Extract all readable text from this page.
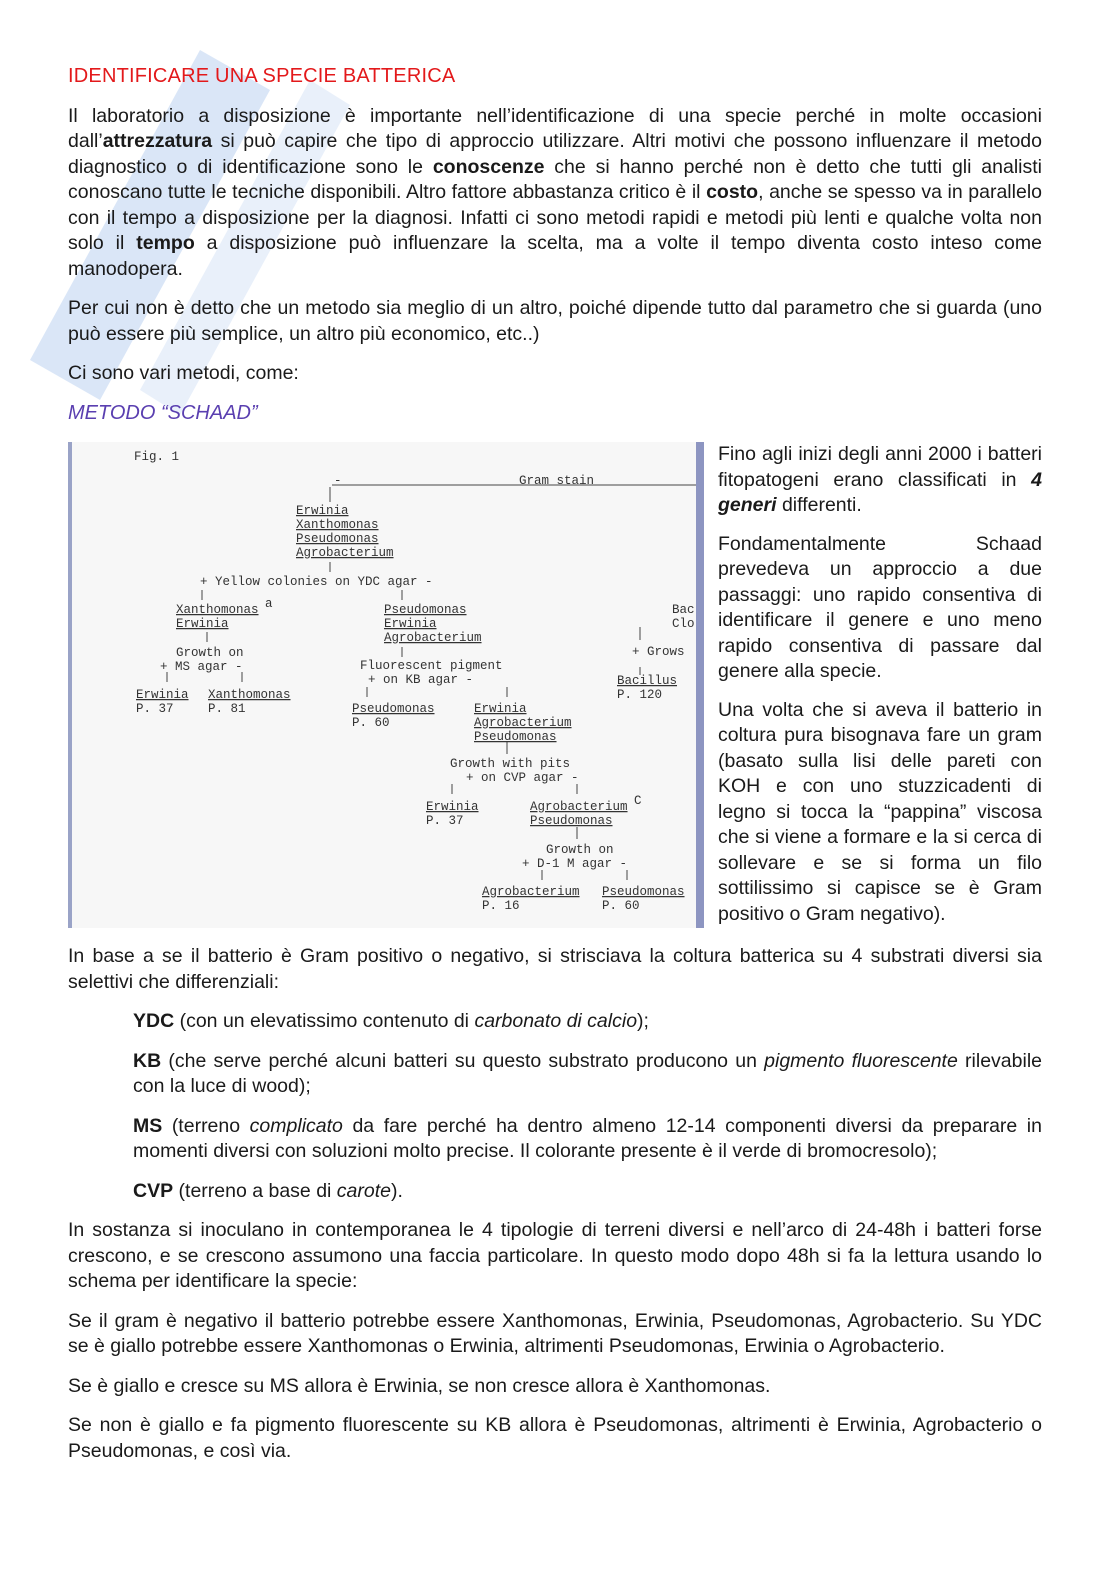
IDENTIFICARE UNA SPECIE BATTERICA

Il laboratorio a disposizione è importante nell’identificazione di una specie perché in molte occasioni dall’attrezzatura si può capire che tipo di approccio utilizzare. Altri motivi che possono influenzare il metodo diagnostico o di identificazione sono le conoscenze che si hanno perché non è detto che tutti gli analisti conoscano tutte le tecniche disponibili. Altro fattore abbastanza critico è il costo, anche se spesso va in parallelo con il tempo a disposizione per la diagnosi. Infatti ci sono metodi rapidi e metodi più lenti e qualche volta non solo il tempo a disposizione può influenzare la scelta, ma a volte il tempo diventa costo inteso come manodopera.

Per cui non è detto che un metodo sia meglio di un altro, poiché dipende tutto dal parametro che si guarda (uno può essere più semplice, un altro più economico, etc..)

Ci sono vari metodi, come:

METODO “SCHAAD”
Fig. 1
-	Gram stain
Erwinia
Xanthomonas
Pseudomonas
Agrobacterium
+ Yellow colonies on YDC agar -
Xanthomonas a
Erwinia
Growth on
+ MS agar -
Erwinia
P. 37
Xanthomonas
P. 81
Pseudomonas
Erwinia
Agrobacterium
Fluorescent pigment
+ on KB agar -
Pseudomonas
P. 60
Erwinia
Agrobacterium
Pseudomonas
Growth with pits
+ on CVP agar -
Erwinia
P. 37
Agrobacterium C
Pseudomonas
Growth on
+ D-1 M agar -
Agrobacterium
P. 16
Pseudomonas
P. 60
Bac
Clo
+ Grows
Bacillus
P. 120

Fino agli inizi degli anni 2000 i batteri fitopatogeni erano classificati in 4 generi differenti.

Fondamentalmente Schaad prevedeva un approccio a due passaggi: uno rapido consentiva di identificare il genere e uno meno rapido consentiva di passare dal genere alla specie.

Una volta che si aveva il batterio in coltura pura bisognava fare un gram (basato sulla lisi delle pareti con KOH e con uno stuzzicadenti di legno si tocca la “pappina” viscosa che si viene a formare e la si cerca di sollevare e se si forma un filo sottilissimo si capisce se è Gram positivo o Gram negativo).

In base a se il batterio è Gram positivo o negativo, si strisciava la coltura batterica su 4 substrati diversi sia selettivi che differenziali:

YDC (con un elevatissimo contenuto di carbonato di calcio);

KB (che serve perché alcuni batteri su questo substrato producono un pigmento fluorescente rilevabile con la luce di wood);

MS (terreno complicato da fare perché ha dentro almeno 12-14 componenti diversi da preparare in momenti diversi con soluzioni molto precise. Il colorante presente è il verde di bromocresolo);

CVP (terreno a base di carote).

In sostanza si inoculano in contemporanea le 4 tipologie di terreni diversi e nell’arco di 24-48h i batteri forse crescono, e se crescono assumono una faccia particolare. In questo modo dopo 48h si fa la lettura usando lo schema per identificare la specie:

Se il gram è negativo il batterio potrebbe essere Xanthomonas, Erwinia, Pseudomonas, Agrobacterio. Su YDC se è giallo potrebbe essere Xanthomonas o Erwinia, altrimenti Pseudomonas, Erwinia o Agrobacterio.

Se è giallo e cresce su MS allora è Erwinia, se non cresce allora è Xanthomonas.

Se non è giallo e fa pigmento fluorescente su KB allora è Pseudomonas, altrimenti è Erwinia, Agrobacterio o Pseudomonas, e così via.
